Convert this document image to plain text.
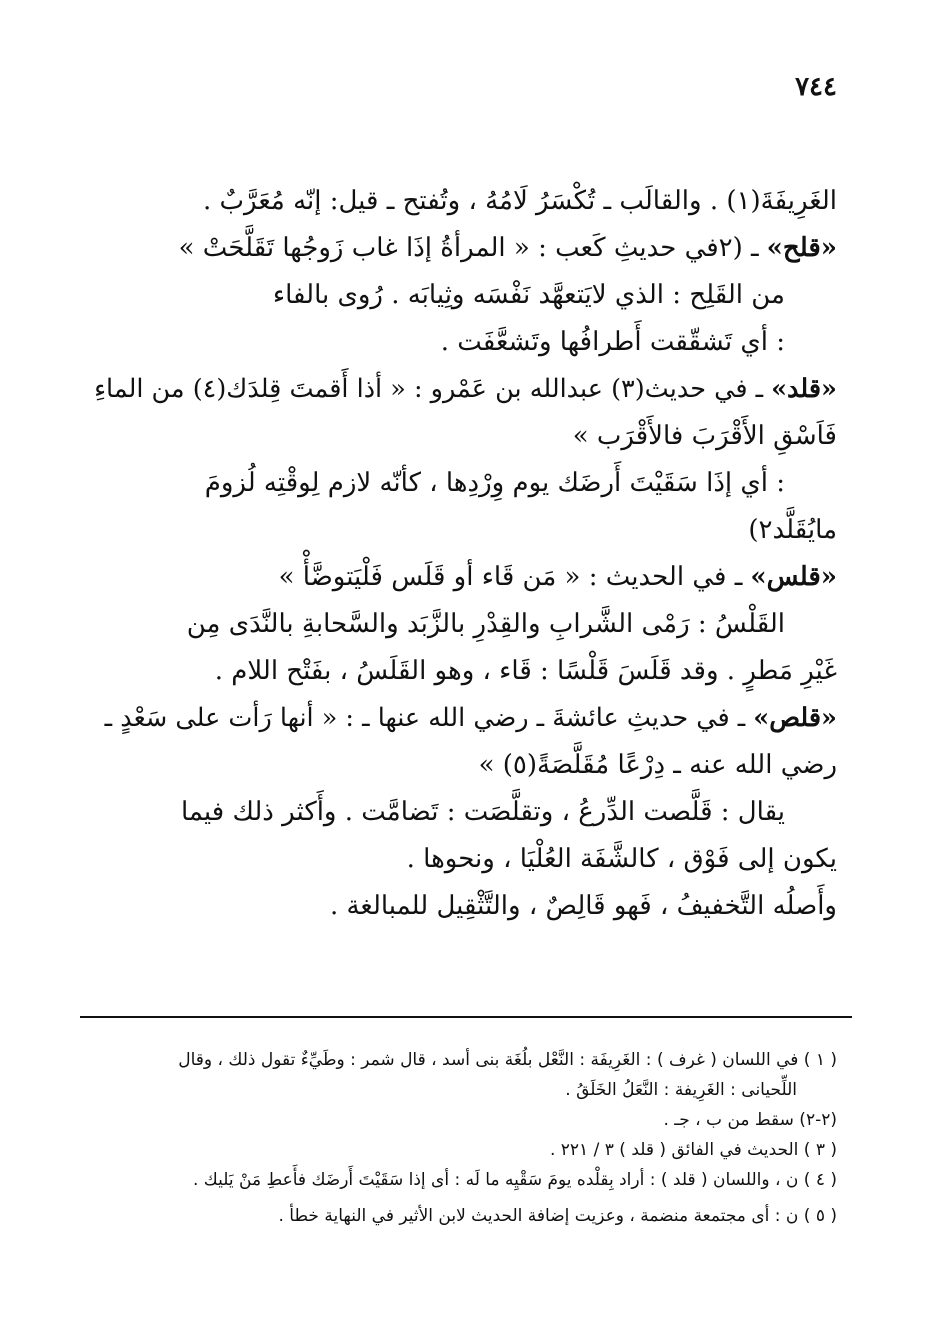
٧٤٤
الغَرِيفَةَ(١) . والقالَب ـ تُكْسَرُ لَامُهُ ، وتُفتح ـ قيل: إنّه مُعَرَّبٌ .
«قلح»ـ (٢في حديثِ كَعب : « المرأةُ إذَا غاب زَوجُها تَقَلَّحَتْ »
من القَلِح : الذي لايَتعهَّد نَفْسَه وثِيابَه . رُوى بالفاء
: أي تَشقّقت أَطرافُها وتَشعَّفَت .
«قلد»ـ في حديث(٣) عبدالله بن عَمْرو : « أذا أَقمتَ قِلدَك(٤) من الماءِ
فَاَسْقِ الأَقْرَبَ فالأَقْرَب »
: أي إذَا سَقَيْتَ أَرضَك يوم وِرْدِها ، كأنّه لازم لِوقْتِه لُزومَ
مايُقَلَّد٢)
«قلس»ـ في الحديث : « مَن قَاء أو قَلَس فَلْيَتوضَّأْ »
القَلْسُ : رَمْى الشَّرابِ والقِدْرِ بالزَّبَد والسَّحابةِ بالنَّدَى مِن
غَيْرِ مَطرٍ . وقد قَلَسَ قَلْسًا : قَاء ، وهو القَلَسُ ، بفَتْح اللام .
«قلص»ـ في حديثِ عائشةَ ـ رضي الله عنها ـ : « أنها رَأت على سَعْدٍ ـ
رضي الله عنه ـ دِرْعًا مُقَلَّصَةً(٥) »
يقال : قَلَّصت الدِّرعُ ، وتقلَّصَت : تَضامَّت . وأَكثر ذلك فيما
يكون إلى فَوْق ، كالشَّفَة العُلْيَا ، ونحوها .
وأَصلُه التَّخفيفُ ، فَهو قَالِصٌ ، والتَّثْقِيل للمبالغة .
( ١ ) في اللسان ( غرف ) : الغَرِيفَة : النَّعْل بلُغَة بنى أسد ، قال شمر : وطَيِّءٌ تقول ذلك ، وقال
اللِّحيانى : الغَرِيفة : النَّعَلُ الخَلَقُ .
(٢-٢) سقط من ب ، جـ .
( ٣ ) الحديث في الفائق ( قلد ) ٣ / ٢٢١ .
( ٤ ) ن ، واللسان ( قلد ) : أراد بِقلْده يومَ سَقْيِه ما لَه : أى إذا سَقَيْتَ أَرضَك فأَعطِ مَنْ يَليك .
( ٥ ) ن : أى مجتمعة منضمة ، وعزيت إضافة الحديث لابن الأثير في النهاية خطأ .
